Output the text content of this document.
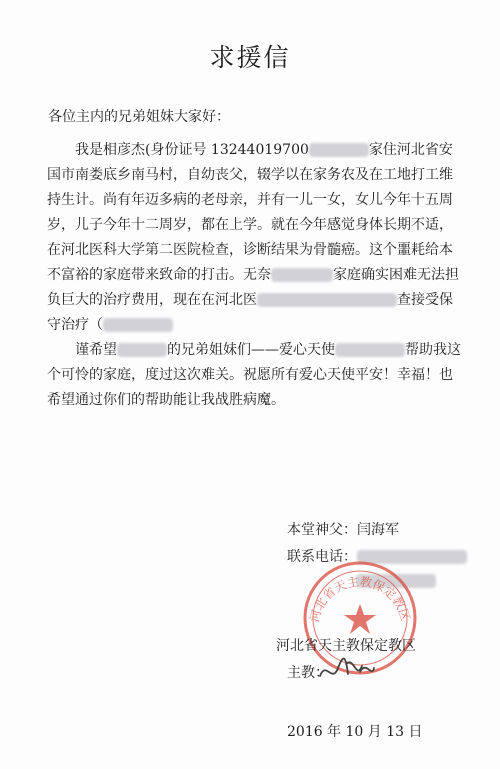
求援信
各位主内的兄弟姐妹大家好：

我是相彦杰(身份证号 13244019700	家住河北省安国市南娄底乡南马村，自幼丧父，辍学以在家务农及在工地打工维持生计。尚有年迈多病的老母亲，并有一儿一女，女儿今年十五周岁，儿子今年十二周岁，都在上学。就在今年感觉身体长期不适，在河北医科大学第二医院检查，诊断结果为骨髓癌。这个噩耗给本不富裕的家庭带来致命的打击。无奈	家庭确实困难无法担负巨大的治疗费用，现在在河北医	查接受保守治疗（

谨希望	的兄弟姐妹们——爱心天使	帮助我这个可怜的家庭，度过这次难关。祝愿所有爱心天使平安！幸福！也希望通过你们的帮助能让我战胜病魔。

本堂神父：闫海军
联系电话：
河北省天主教保定教区
河北省天主教保定教区
主教：
2016 年 10 月 13 日
